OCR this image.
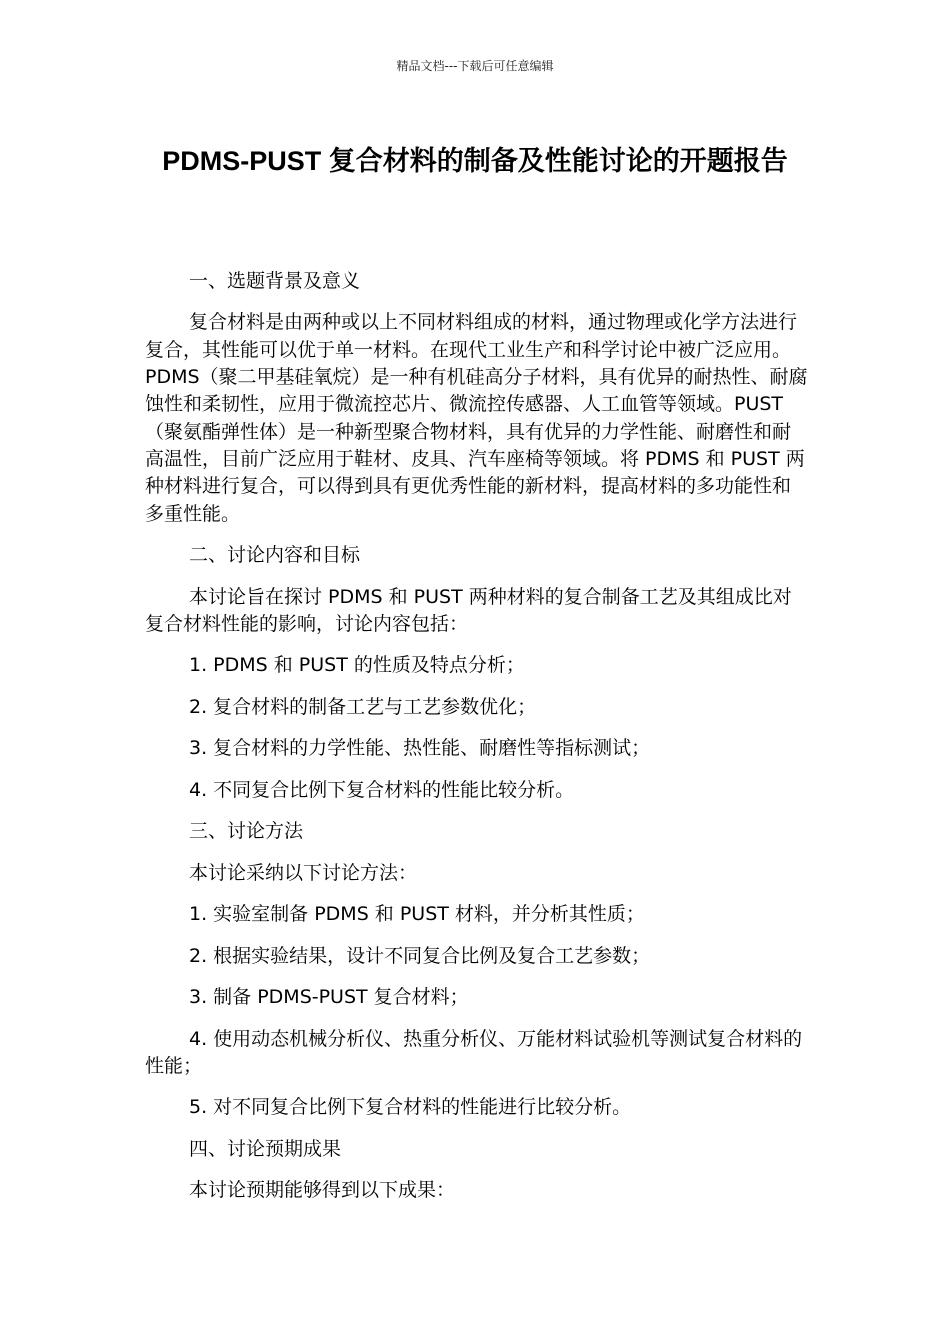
精品文档---下载后可任意编辑
PDMS-PUST 复合材料的制备及性能讨论的开题报告

一、选题背景及意义

复合材料是由两种或以上不同材料组成的材料，通过物理或化学方法进行复合，其性能可以优于单一材料。在现代工业生产和科学讨论中被广泛应用。PDMS（聚二甲基硅氧烷）是一种有机硅高分子材料，具有优异的耐热性、耐腐蚀性和柔韧性，应用于微流控芯片、微流控传感器、人工血管等领域。PUST（聚氨酯弹性体）是一种新型聚合物材料，具有优异的力学性能、耐磨性和耐高温性，目前广泛应用于鞋材、皮具、汽车座椅等领域。将 PDMS 和 PUST 两种材料进行复合，可以得到具有更优秀性能的新材料，提高材料的多功能性和多重性能。

二、讨论内容和目标

本讨论旨在探讨 PDMS 和 PUST 两种材料的复合制备工艺及其组成比对复合材料性能的影响，讨论内容包括：

1. PDMS 和 PUST 的性质及特点分析；

2. 复合材料的制备工艺与工艺参数优化；

3. 复合材料的力学性能、热性能、耐磨性等指标测试；

4. 不同复合比例下复合材料的性能比较分析。

三、讨论方法

本讨论采纳以下讨论方法：

1. 实验室制备 PDMS 和 PUST 材料，并分析其性质；

2. 根据实验结果，设计不同复合比例及复合工艺参数；

3. 制备 PDMS-PUST 复合材料；

4. 使用动态机械分析仪、热重分析仪、万能材料试验机等测试复合材料的性能；

5. 对不同复合比例下复合材料的性能进行比较分析。

四、讨论预期成果

本讨论预期能够得到以下成果：
